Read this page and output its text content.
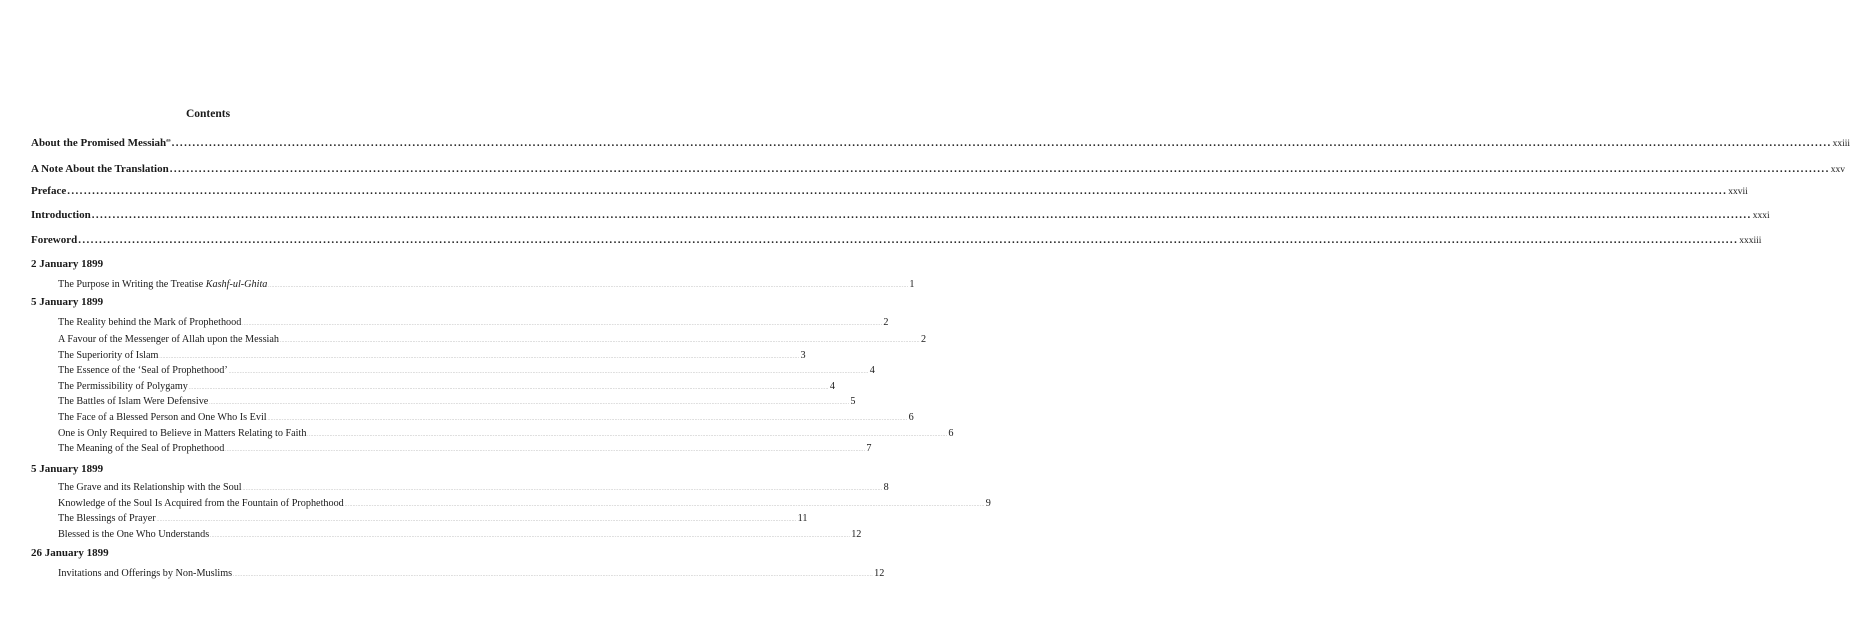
Contents
About the Promised Messiah$^{as}$ ................................................................................................................................................................................................................................................................................................................................................................................................................ xxiii
A Note About the Translation ................................................................................................................................................................................................................................................................................................................................................................................................................ xxv
Preface ................................................................................................................................................................................................................................................................................................................................................................................................................ xxvii
Introduction ................................................................................................................................................................................................................................................................................................................................................................................................................ xxxi
Foreword ................................................................................................................................................................................................................................................................................................................................................................................................................ xxxiii
2 January 1899
The Purpose in Writing the Treatise Kashf-ul-Ghita ................................................................................................................................................................................................................................................................................................................................................................................................................ 1
5 January 1899
The Reality behind the Mark of Prophethood ................................................................................................................................................................................................................................................................................................................................................................................................................ 2
A Favour of the Messenger of Allah upon the Messiah ................................................................................................................................................................................................................................................................................................................................................................................................................ 2
The Superiority of Islam ................................................................................................................................................................................................................................................................................................................................................................................................................ 3
The Essence of the ‘Seal of Prophethood’ ................................................................................................................................................................................................................................................................................................................................................................................................................ 4
The Permissibility of Polygamy ................................................................................................................................................................................................................................................................................................................................................................................................................ 4
The Battles of Islam Were Defensive ................................................................................................................................................................................................................................................................................................................................................................................................................ 5
The Face of a Blessed Person and One Who Is Evil ................................................................................................................................................................................................................................................................................................................................................................................................................ 6
One is Only Required to Believe in Matters Relating to Faith ................................................................................................................................................................................................................................................................................................................................................................................................................ 6
The Meaning of the Seal of Prophethood ................................................................................................................................................................................................................................................................................................................................................................................................................ 7
5 January 1899
The Grave and its Relationship with the Soul ................................................................................................................................................................................................................................................................................................................................................................................................................ 8
Knowledge of the Soul Is Acquired from the Fountain of Prophethood ................................................................................................................................................................................................................................................................................................................................................................................................................ 9
The Blessings of Prayer ................................................................................................................................................................................................................................................................................................................................................................................................................ 11
Blessed is the One Who Understands ................................................................................................................................................................................................................................................................................................................................................................................................................ 12
26 January 1899
Invitations and Offerings by Non-Muslims ................................................................................................................................................................................................................................................................................................................................................................................................................ 12
